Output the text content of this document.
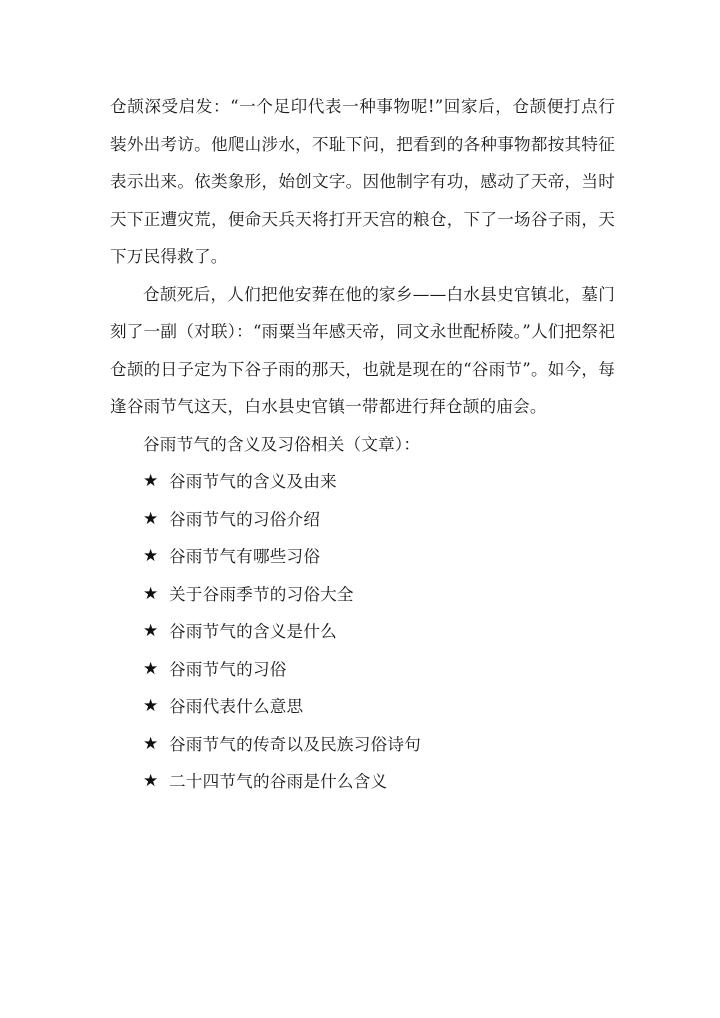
仓颉深受启发：“一个足印代表一种事物呢!”回家后，仓颉便打点行装外出考访。他爬山涉水，不耻下问，把看到的各种事物都按其特征表示出来。依类象形，始创文字。因他制字有功，感动了天帝，当时天下正遭灾荒，便命天兵天将打开天宫的粮仓，下了一场谷子雨，天下万民得救了。

仓颉死后，人们把他安葬在他的家乡——白水县史官镇北，墓门刻了一副（对联）：“雨粟当年感天帝，同文永世配桥陵。”人们把祭祀仓颉的日子定为下谷子雨的那天，也就是现在的“谷雨节”。如今，每逢谷雨节气这天，白水县史官镇一带都进行拜仓颉的庙会。

谷雨节气的含义及习俗相关（文章）：

★ 谷雨节气的含义及由来
★ 谷雨节气的习俗介绍
★ 谷雨节气有哪些习俗
★ 关于谷雨季节的习俗大全
★ 谷雨节气的含义是什么
★ 谷雨节气的习俗
★ 谷雨代表什么意思
★ 谷雨节气的传奇以及民族习俗诗句
★ 二十四节气的谷雨是什么含义
